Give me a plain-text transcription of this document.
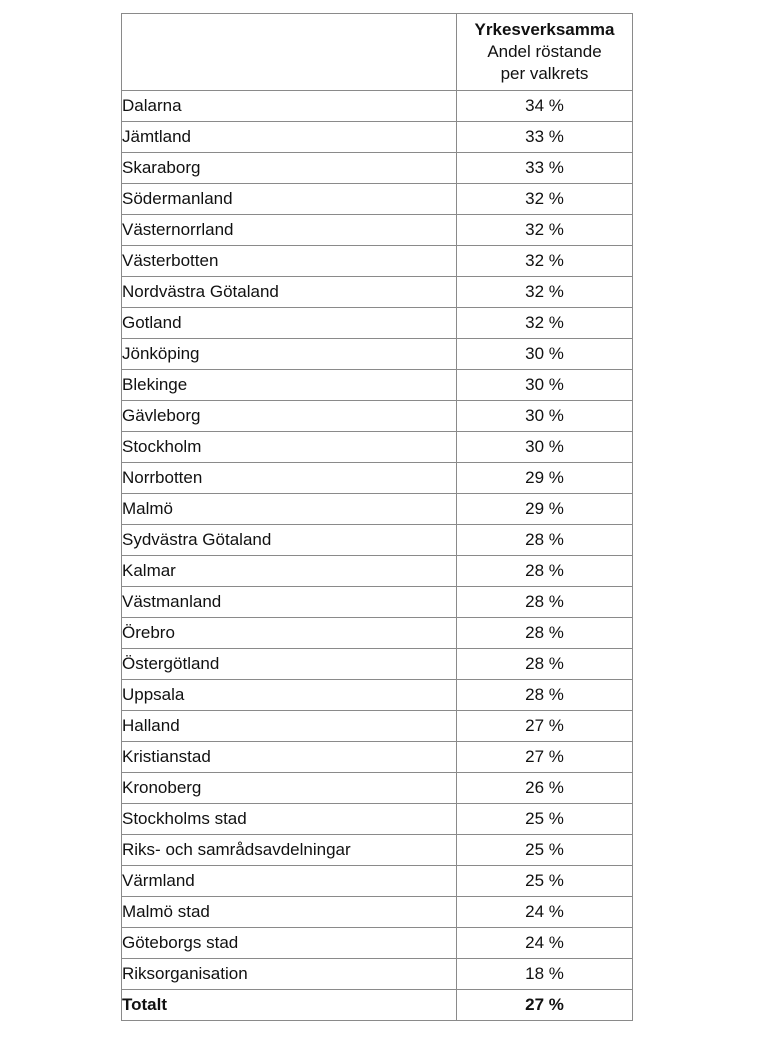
	Yrkesverksamma
Andel röstande
per valkrets

Dalarna	34 %
Jämtland	33 %
Skaraborg	33 %
Södermanland	32 %
Västernorrland	32 %
Västerbotten	32 %
Nordvästra Götaland	32 %
Gotland	32 %
Jönköping	30 %
Blekinge	30 %
Gävleborg	30 %
Stockholm	30 %
Norrbotten	29 %
Malmö	29 %
Sydvästra Götaland	28 %
Kalmar	28 %
Västmanland	28 %
Örebro	28 %
Östergötland	28 %
Uppsala	28 %
Halland	27 %
Kristianstad	27 %
Kronoberg	26 %
Stockholms stad	25 %
Riks- och samrådsavdelningar	25 %
Värmland	25 %
Malmö stad	24 %
Göteborgs stad	24 %
Riksorganisation	18 %
Totalt	27 %
